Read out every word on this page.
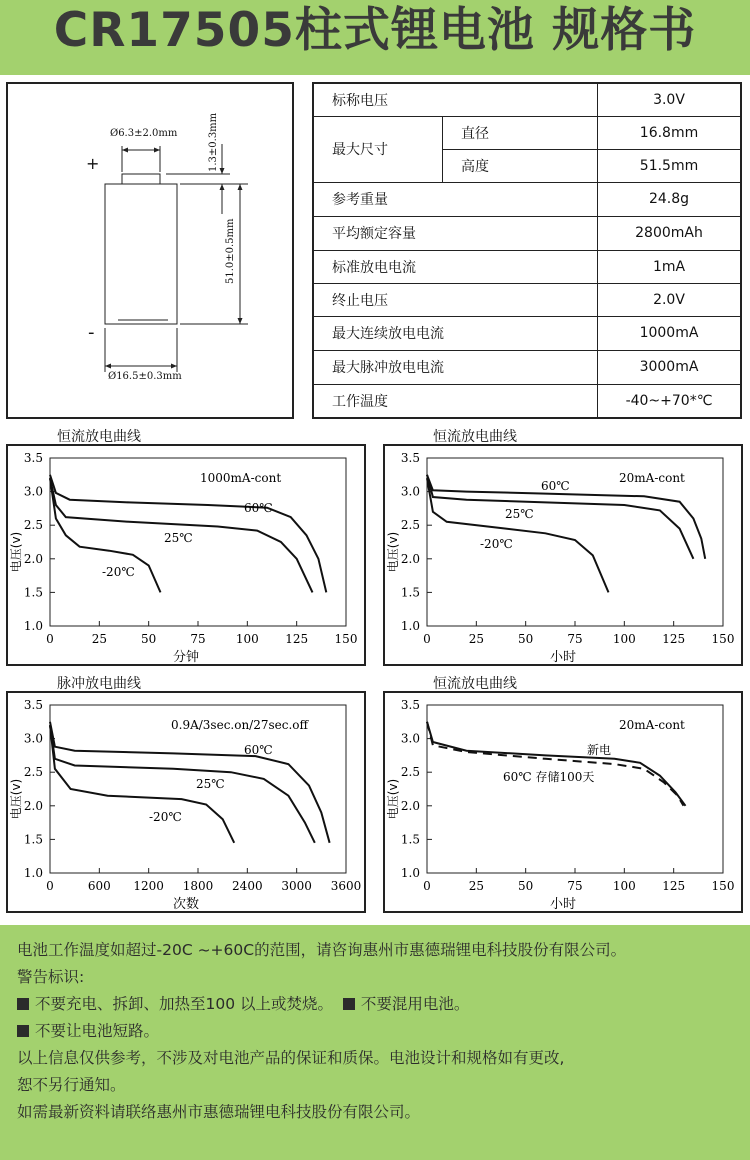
CR17505柱式锂电池 规格书
Ø6.3±2.0mm	1.3±0.3mm
51.0±0.5mm
Ø16.5±0.3mm
+
-
标称电压		3.0V
最大尺寸	直径	16.8mm
	高度	51.5mm
参考重量		24.8g
平均额定容量		2800mAh
标准放电电流		1mA
终止电压		2.0V
最大连续放电电流		1000mA
最大脉冲放电电流		3000mA
工作温度		-40~+70*℃
恒流放电曲线	恒流放电曲线
脉冲放电曲线	恒流放电曲线
1.0
1.5
2.0
2.5
3.0
3.5
0	25	50	75	100 125 150
分钟
电压(v)
1000mA-cont
60℃
25℃
-20℃
1.0
1.5
2.0
2.5
3.0
3.5
0	25	50	75	100 125 150
小时
电压(v)
20mA-cont
60℃
25℃
-20℃
1.0
1.5
2.0
2.5
3.0
3.5
0	600 1200 1800 2400 3000 3600
次数
电压(v)
0.9A/3sec.on/27sec.off
60℃
25℃
-20℃
1.0
1.5
2.0
2.5
3.0
3.5
0	25	50	75	100 125 150
小时
电压(v)
20mA-cont
新电
60℃ 存储100天

电池工作温度如超过-20C ~+60C的范围，请咨询惠州市惠德瑞锂电科技股份有限公司。

警告标识:

不要充电、拆卸、加热至100 以上或焚烧。 不要混用电池。

不要让电池短路。

以上信息仅供参考，不涉及对电池产品的保证和质保。电池设计和规格如有更改,

恕不另行通知。

如需最新资料请联络惠州市惠德瑞锂电科技股份有限公司。
